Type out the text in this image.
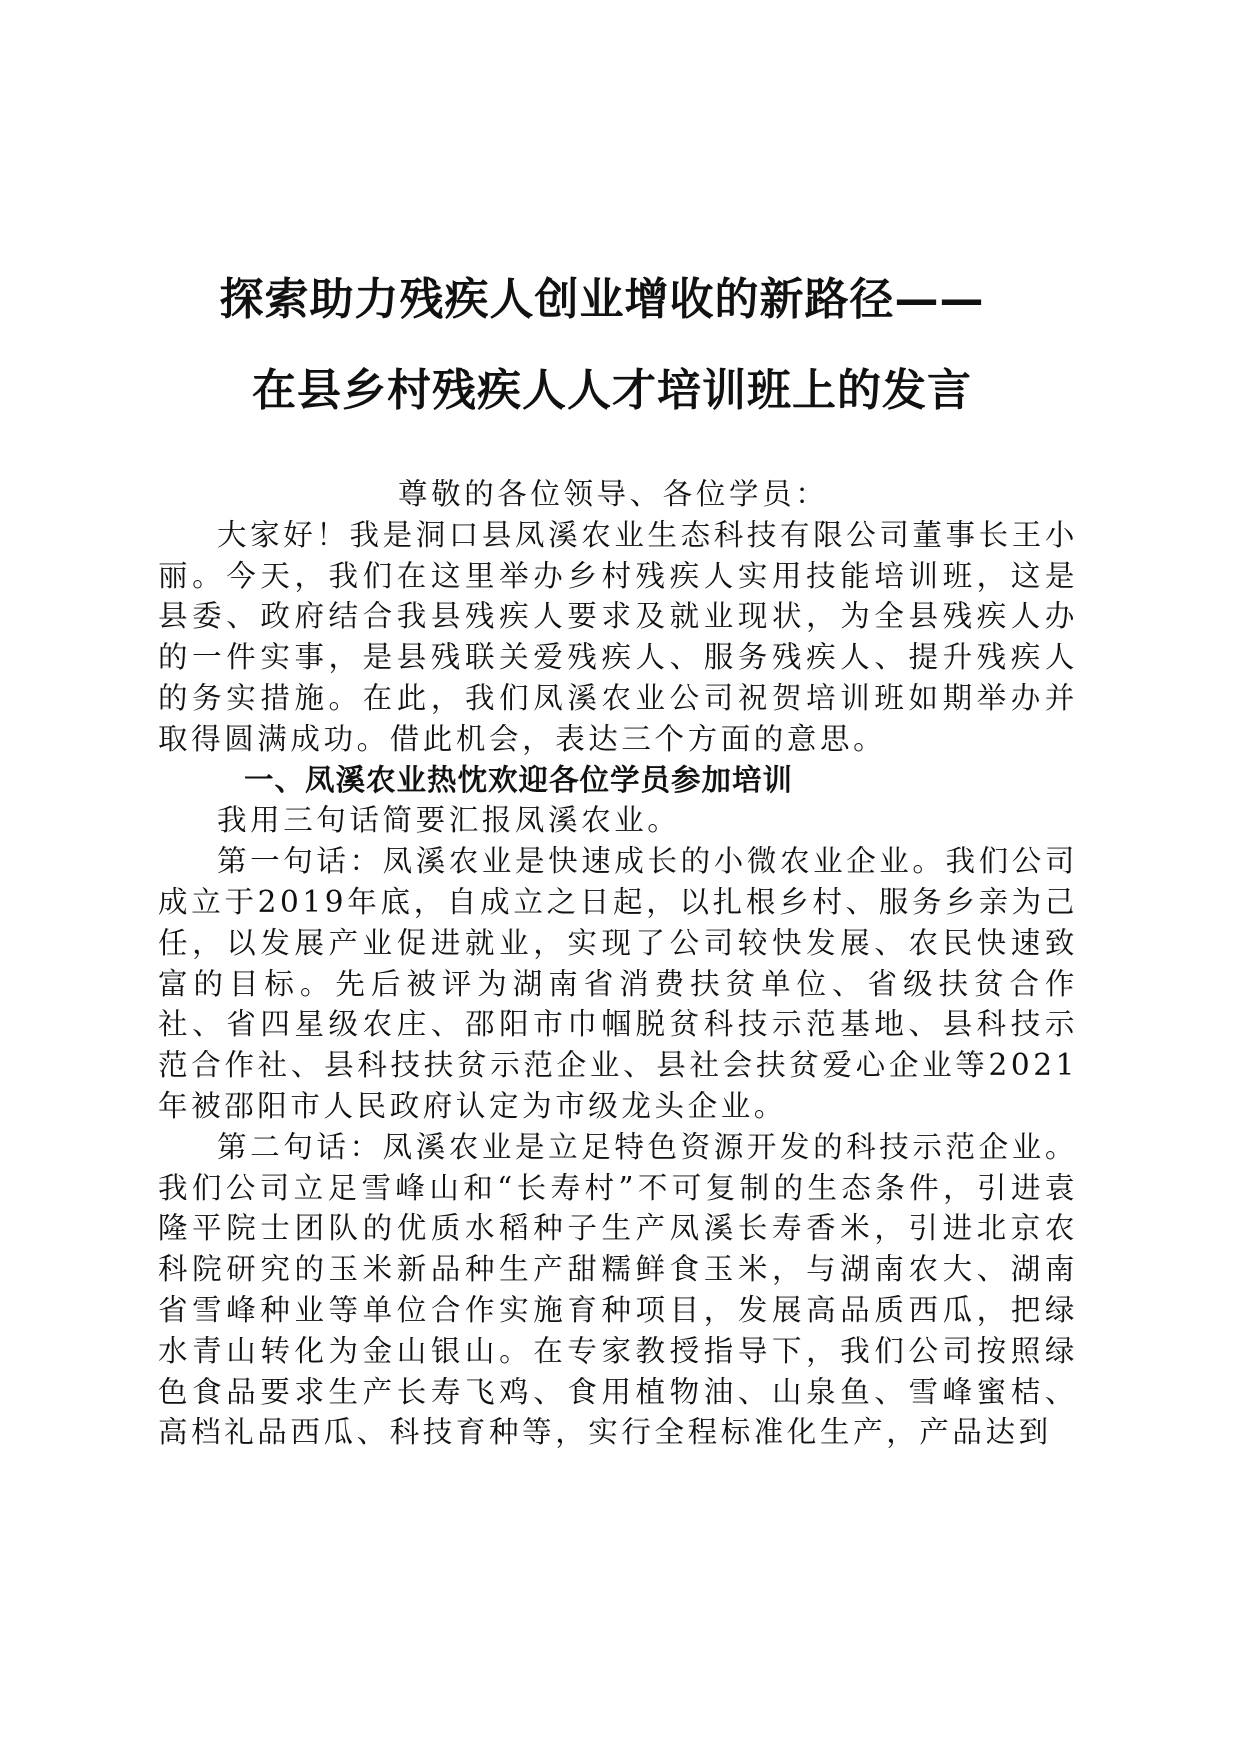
探索助力残疾人创业增收的新路径——
在县乡村残疾人人才培训班上的发言

尊敬的各位领导、各位学员：

大家好！我是洞口县凤溪农业生态科技有限公司董事长王小丽。今天，我们在这里举办乡村残疾人实用技能培训班，这是县委、政府结合我县残疾人要求及就业现状，为全县残疾人办的一件实事，是县残联关爱残疾人、服务残疾人、提升残疾人的务实措施。在此，我们凤溪农业公司祝贺培训班如期举办并取得圆满成功。借此机会，表达三个方面的意思。

一、凤溪农业热忱欢迎各位学员参加培训

我用三句话简要汇报凤溪农业。

第一句话：凤溪农业是快速成长的小微农业企业。我们公司成立于2019年底，自成立之日起，以扎根乡村、服务乡亲为己任，以发展产业促进就业，实现了公司较快发展、农民快速致富的目标。先后被评为湖南省消费扶贫单位、省级扶贫合作社、省四星级农庄、邵阳市巾帼脱贫科技示范基地、县科技示范合作社、县科技扶贫示范企业、县社会扶贫爱心企业等2021年被邵阳市人民政府认定为市级龙头企业。

第二句话：凤溪农业是立足特色资源开发的科技示范企业。我们公司立足雪峰山和“长寿村”不可复制的生态条件，引进袁隆平院士团队的优质水稻种子生产凤溪长寿香米，引进北京农科院研究的玉米新品种生产甜糯鲜食玉米，与湖南农大、湖南省雪峰种业等单位合作实施育种项目，发展高品质西瓜，把绿水青山转化为金山银山。在专家教授指导下，我们公司按照绿色食品要求生产长寿飞鸡、食用植物油、山泉鱼、雪峰蜜桔、高档礼品西瓜、科技育种等，实行全程标准化生产，产品达到
